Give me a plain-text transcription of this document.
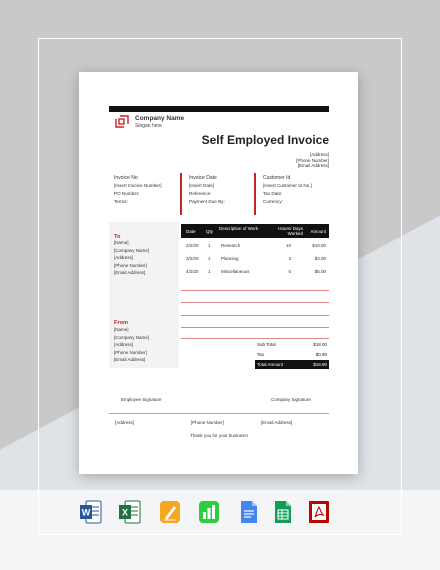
Company Name
Slogan here
Self Employed Invoice
[Address]
[Phone Number]
[Email Address]
Invoice No
[Insert Invoice Number]
PO Number:
Terms:
Invoice Date
[Insert Date]
Reference:
Payment Due By:
Customer Id
[Insert Customer Id No.]
Tax Date:
Currency:
To
[Name]
[Company Name]
[Address]
[Phone Number]
[Email Address]
From
[Name]
[Company Name]
[Address]
[Phone Number]
[Email Address]
Date Qty Description of Work	Hours/ Days Worked	Amount
2/2/20 1 Research	10	$10.00
3/2/20 1 Planning	3	$3.00
4/2/20 1 Miscellaneous	5	$5.00
Sub Total	$18.00
Tax	$0.90
Total Amount	$18.90
Employee Signature	Company Signature
[Address]	[Phone Number]	[Email Address]
Thank you for your business!
W	X
